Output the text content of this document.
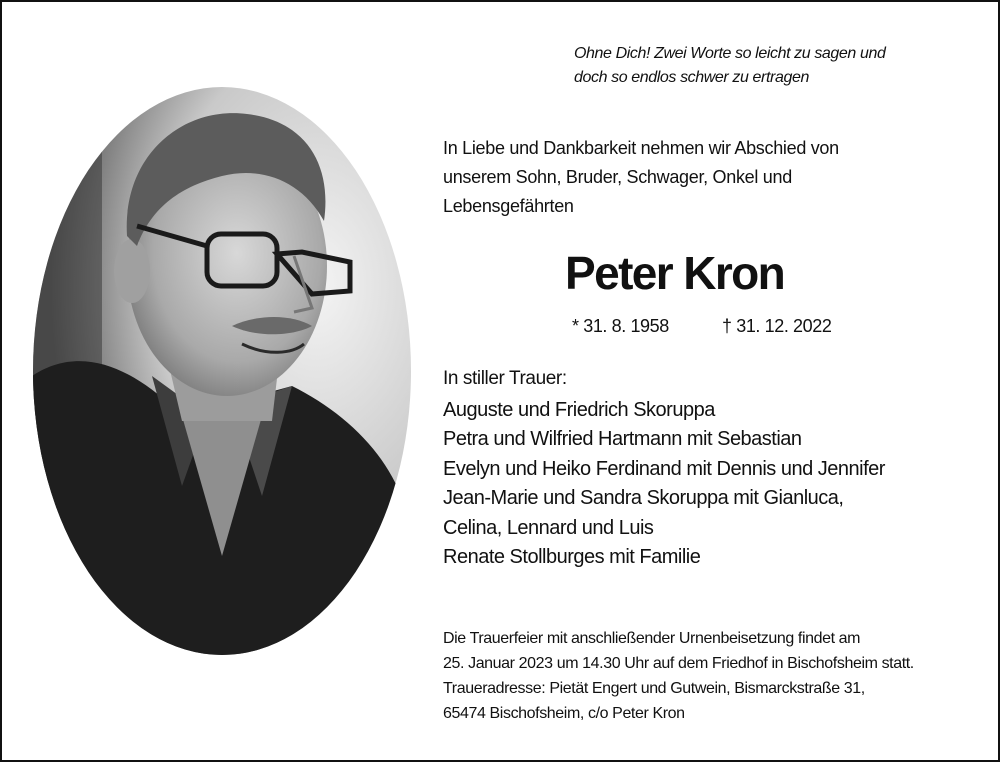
Ohne Dich! Zwei Worte so leicht zu sagen und
doch so endlos schwer zu ertragen
In Liebe und Dankbarkeit nehmen wir Abschied von
unserem Sohn, Bruder, Schwager, Onkel und
Lebensgefährten
Peter Kron
* 31. 8. 1958	† 31. 12. 2022
In stiller Trauer:
Auguste und Friedrich Skoruppa
Petra und Wilfried Hartmann mit Sebastian
Evelyn und Heiko Ferdinand mit Dennis und Jennifer
Jean-Marie und Sandra Skoruppa mit Gianluca,
Celina, Lennard und Luis
Renate Stollburges mit Familie
Die Trauerfeier mit anschließender Urnenbeisetzung findet am
25. Januar 2023 um 14.30 Uhr auf dem Friedhof in Bischofsheim statt.
Traueradresse: Pietät Engert und Gutwein, Bismarckstraße 31,
65474 Bischofsheim, c/o Peter Kron
